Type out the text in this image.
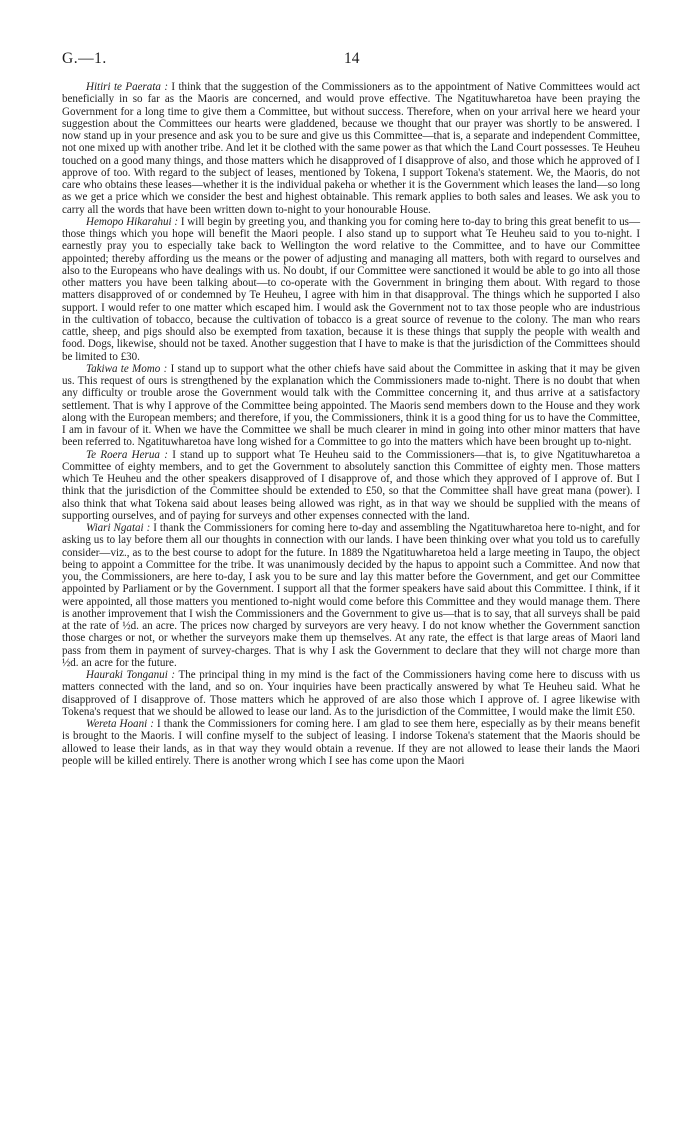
G.—1.	14

Hitiri te Paerata : I think that the suggestion of the Commissioners as to the appointment of Native Committees would act beneficially in so far as the Maoris are concerned, and would prove effective. The Ngatituwharetoa have been praying the Government for a long time to give them a Committee, but without success. Therefore, when on your arrival here we heard your suggestion about the Committees our hearts were gladdened, because we thought that our prayer was shortly to be answered. I now stand up in your presence and ask you to be sure and give us this Committee—that is, a separate and independent Committee, not one mixed up with another tribe. And let it be clothed with the same power as that which the Land Court possesses. Te Heuheu touched on a good many things, and those matters which he disapproved of I disapprove of also, and those which he approved of I approve of too. With regard to the subject of leases, mentioned by Tokena, I support Tokena's statement. We, the Maoris, do not care who obtains these leases—whether it is the individual pakeha or whether it is the Government which leases the land—so long as we get a price which we consider the best and highest obtainable. This remark applies to both sales and leases. We ask you to carry all the words that have been written down to-night to your honourable House.

Hemopo Hikarahui : I will begin by greeting you, and thanking you for coming here to-day to bring this great benefit to us—those things which you hope will benefit the Maori people. I also stand up to support what Te Heuheu said to you to-night. I earnestly pray you to especially take back to Wellington the word relative to the Committee, and to have our Committee appointed; thereby affording us the means or the power of adjusting and managing all matters, both with regard to ourselves and also to the Europeans who have dealings with us. No doubt, if our Committee were sanctioned it would be able to go into all those other matters you have been talking about—to co-operate with the Government in bringing them about. With regard to those matters disapproved of or condemned by Te Heuheu, I agree with him in that disapproval. The things which he supported I also support. I would refer to one matter which escaped him. I would ask the Government not to tax those people who are industrious in the cultivation of tobacco, because the cultivation of tobacco is a great source of revenue to the colony. The man who rears cattle, sheep, and pigs should also be exempted from taxation, because it is these things that supply the people with wealth and food. Dogs, likewise, should not be taxed. Another suggestion that I have to make is that the jurisdiction of the Committees should be limited to £30.

Takiwa te Momo : I stand up to support what the other chiefs have said about the Committee in asking that it may be given us. This request of ours is strengthened by the explanation which the Commissioners made to-night. There is no doubt that when any difficulty or trouble arose the Government would talk with the Committee concerning it, and thus arrive at a satisfactory settlement. That is why I approve of the Committee being appointed. The Maoris send members down to the House and they work along with the European members; and therefore, if you, the Commissioners, think it is a good thing for us to have the Committee, I am in favour of it. When we have the Committee we shall be much clearer in mind in going into other minor matters that have been referred to. Ngatituwharetoa have long wished for a Committee to go into the matters which have been brought up to-night.

Te Roera Herua : I stand up to support what Te Heuheu said to the Commissioners—that is, to give Ngatituwharetoa a Committee of eighty members, and to get the Government to absolutely sanction this Committee of eighty men. Those matters which Te Heuheu and the other speakers disapproved of I disapprove of, and those which they approved of I approve of. But I think that the jurisdiction of the Committee should be extended to £50, so that the Committee shall have great mana (power). I also think that what Tokena said about leases being allowed was right, as in that way we should be supplied with the means of supporting ourselves, and of paying for surveys and other expenses connected with the land.

Wiari Ngatai : I thank the Commissioners for coming here to-day and assembling the Ngatituwharetoa here to-night, and for asking us to lay before them all our thoughts in connection with our lands. I have been thinking over what you told us to carefully consider—viz., as to the best course to adopt for the future. In 1889 the Ngatituwharetoa held a large meeting in Taupo, the object being to appoint a Committee for the tribe. It was unanimously decided by the hapus to appoint such a Committee. And now that you, the Commissioners, are here to-day, I ask you to be sure and lay this matter before the Government, and get our Committee appointed by Parliament or by the Government. I support all that the former speakers have said about this Committee. I think, if it were appointed, all those matters you mentioned to-night would come before this Committee and they would manage them. There is another improvement that I wish the Commissioners and the Government to give us—that is to say, that all surveys shall be paid at the rate of ½d. an acre. The prices now charged by surveyors are very heavy. I do not know whether the Government sanction those charges or not, or whether the surveyors make them up themselves. At any rate, the effect is that large areas of Maori land pass from them in payment of survey-charges. That is why I ask the Government to declare that they will not charge more than ½d. an acre for the future.

Hauraki Tonganui : The principal thing in my mind is the fact of the Commissioners having come here to discuss with us matters connected with the land, and so on. Your inquiries have been practically answered by what Te Heuheu said. What he disapproved of I disapprove of. Those matters which he approved of are also those which I approve of. I agree likewise with Tokena's request that we should be allowed to lease our land. As to the jurisdiction of the Committee, I would make the limit £50.

Wereta Hoani : I thank the Commissioners for coming here. I am glad to see them here, especially as by their means benefit is brought to the Maoris. I will confine myself to the subject of leasing. I indorse Tokena's statement that the Maoris should be allowed to lease their lands, as in that way they would obtain a revenue. If they are not allowed to lease their lands the Maori people will be killed entirely. There is another wrong which I see has come upon the Maori
